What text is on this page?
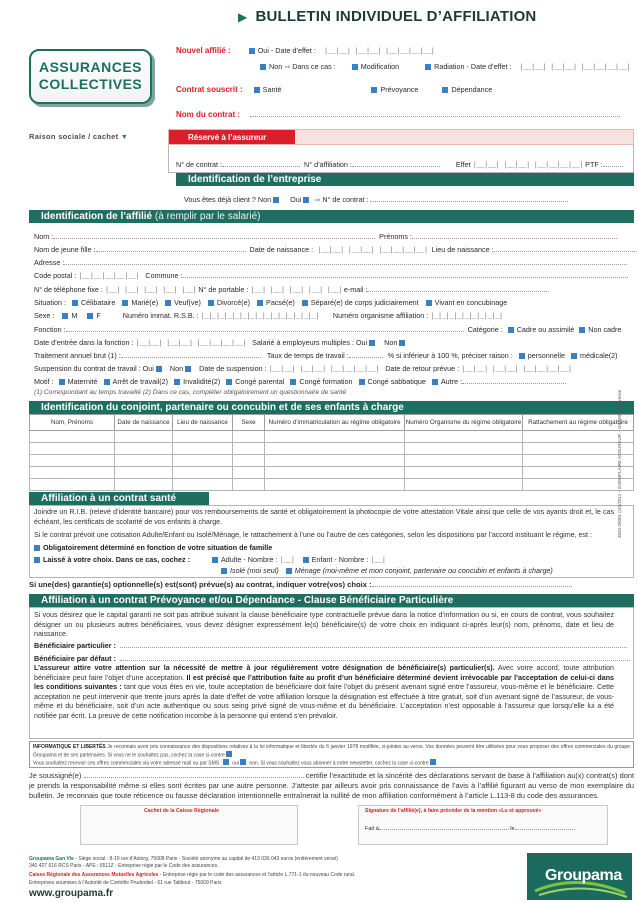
▶ BULLETIN INDIVIDUEL D’AFFILIATION
ASSURANCES
COLLECTIVES
Raison sociale / cachet ▼
Nouvel affilié :	Oui - Date d’effet : |__|__| |__|__| |__|__|__|__|
Non ⇒ Dans ce cas :	Modification	Radiation - Date d’effet : |__|__| |__|__| |__|__|__|__|
Contrat souscrit :	Santé	Prévoyance	Dépendance
Nom du contrat :
Réservé à l’assureur
N° de contrat :	N° d’affiliation :	Effet |__|__| |__|__| |__|__|__|__| PTF :
Identification de l’entreprise
Vous êtes déjà client ? Non	Oui ⇒ N° de contrat :
Identification de l’affilié (à remplir par le salarié)
Nom :	Prénoms :
Nom de jeune fille :	Date de naissance : |__|__| |__|__| |__|__|__|__| Lieu de naissance :
Adresse :
Code postal : |__|__|__|__|__| Commune :
N° de téléphone fixe : |__| |__| |__| |__| |__| N° de portable : |__| |__| |__| |__| |__| e-mail :
Situation : Célibataire Marié(e) Veuf(ve) Divorcé(e) Pacsé(e) Séparé(e) de corps judiciairement Vivant en concubinage
Sexe : M	F	Numéro immat. R.S.B. : |_|_|_|_|_|_|_|_|_|_|_|_|_|_|_| Numéro organisme affiliation : |_|_|_|_|_|_|_|_|_|
Fonction :	Catégorie : Cadre ou assimilé Non cadre
Date d’entrée dans la fonction : |__|__| |__|__| |__|__|__|__| Salarié à employeurs multiples : Oui Non
Traitement annuel brut (1) :	Taux de temps de travail :	% si inférieur à 100 %, préciser raison : personnelle médicale(2)
Suspension du contrat de travail : Oui Non Date de suspension : |__|__| |__|__| |__|__|__|__| Date de retour prévue : |__|__| |__|__| |__|__|__|__|
Motif : Maternité Arrêt de travail(2) Invalidité(2) Congé parental Congé formation Congé sabbatique Autre :
(1) Correspondant au temps travaillé (2) Dans ce cas, compléter obligatoirement un questionnaire de santé
Identification du conjoint, partenaire ou concubin et de ses enfants à charge
Nom, Prénoms	Date de naissance	Lieu de naissance	Sexe	Numéro d’immatriculation au régime obligatoire	Numéro Organisme du régime obligatoire	Rattachement au régime obligatoire

Affiliation à un contrat santé
Joindre un R.I.B. (relevé d’identité bancaire) pour vos remboursements de santé et obligatoirement la photocopie de votre attestation Vitale ainsi que celle de vos ayants droit et, le cas échéant, les certificats de scolarité de vos enfants à charge.
Si le contrat prévoit une cotisation Adulte/Enfant ou Isolé/Ménage, le rattachement à l’une ou l’autre de ces catégories, selon les dispositions par l’accord instituant le régime, est :
Obligatoirement déterminé en fonction de votre situation de famille
Laissé à votre choix. Dans ce cas, cochez :	Adulte - Nombre : |__| Enfant - Nombre : |__|
Isolé (moi seul) Ménage (moi-même et mon conjoint, partenaire ou concubin et enfants à charge)
Si une(des) garantie(s) optionnelle(s) est(sont) prévue(s) au contrat, indiquer votre(vos) choix :
Affiliation à un contrat Prévoyance et/ou Dépendance - Clause Bénéficiaire Particulière
Si vous désirez que le capital garanti ne soit pas attribué suivant la clause bénéficiaire type contractuelle prévue dans la notice d’information ou si, en cours de contrat, vous souhaitez désigner un ou plusieurs autres bénéficiaires, vous devez désigner expressément le(s) bénéficiaire(s) de votre choix en indiquant ci-après leur(s) nom, prénoms, date et lieu de naissance.
Bénéficiaire particulier :
Bénéficiaire par défaut :
L’assureur attire votre attention sur la nécessité de mettre à jour régulièrement votre désignation de bénéficiaire(s) particulier(s). Avec votre accord, toute attribution bénéficiaire peut faire l’objet d’une acceptation. Il est précisé que l’attribution faite au profit d’un bénéficiaire déterminé devient irrévocable par l’acceptation de celui-ci dans les conditions suivantes : tant que vous êtes en vie, toute acceptation de bénéficiaire doit faire l’objet du présent avenant signé entre l’assureur, vous-même et le bénéficiaire. Cette acceptation ne peut intervenir que trente jours après la date d’effet de votre affiliation lorsque la désignation est effectuée à titre gratuit, soit d’un avenant signé de l’assureur, de vous-même et du bénéficiaire, soit d’un acte authentique ou sous seing privé signé de vous-même et du bénéficiaire. L’acceptation n’est opposable à l’assureur que lorsqu’elle lui a été notifiée par écrit. La preuve de cette notification incombe à la personne qui entend s’en prévaloir.
3550-20001 (10)/2011 – EXEMPLAIRE ASSUREUR – GV/MSP/Prépresse
INFORMATIQUE ET LIBERTÉS Je reconnais avoir pris connaissance des dispositions relatives à la loi informatique et libertés du 6 janvier 1978 modifiée, ci-jointes au verso. Vos données peuvent être utilisées pour vous proposer des offres commerciales du groupe Groupama et de ses partenaires. Si vous ne le souhaitez pas, cochez la case ci-contre
Vous souhaitez recevoir ces offres commerciales via votre adresse mail ou par SMS : oui non. Si vous souhaitez vous abonner à notre newsletter, cochez la case ci-contre
Je soussigné(e)	certifie l’exactitude et la sincérité des déclarations servant de base à l’affiliation au(x) contrat(s) dont je prends la responsabilité même si elles sont écrites par une autre personne. J’atteste par ailleurs avoir pris connaissance de l’avis à l’affilié figurant au verso de mon exemplaire du bulletin. Je reconnais que toute réticence ou fausse déclaration intentionnelle entraînerait la nullité de mon affiliation conformément à l’article L.113-8 du code des assurances.
Cachet de la Caisse Régionale	Signature de l’affilié(e), à faire précéder de la mention «Lu et approuvé»
Fait à	le
Groupama Gan Vie - Siège social : 8-10 rue d’Astorg, 75008 Paris - Société anonyme au capital de 413 036 043 euros (entièrement versé)
340 427 616 RCS Paris - APE : 6511Z - Entreprise régie par le Code des assurances.
Caisse Régionale des Assurances Mutuelles Agricoles - Entreprise régie par le code des assurances et l’article L.771-1 du nouveau Code rural.
Entreprises soumises à l’Autorité de Contrôle Prudentiel - 61 rue Taitbout - 75009 Paris
www.groupama.fr
Groupama
